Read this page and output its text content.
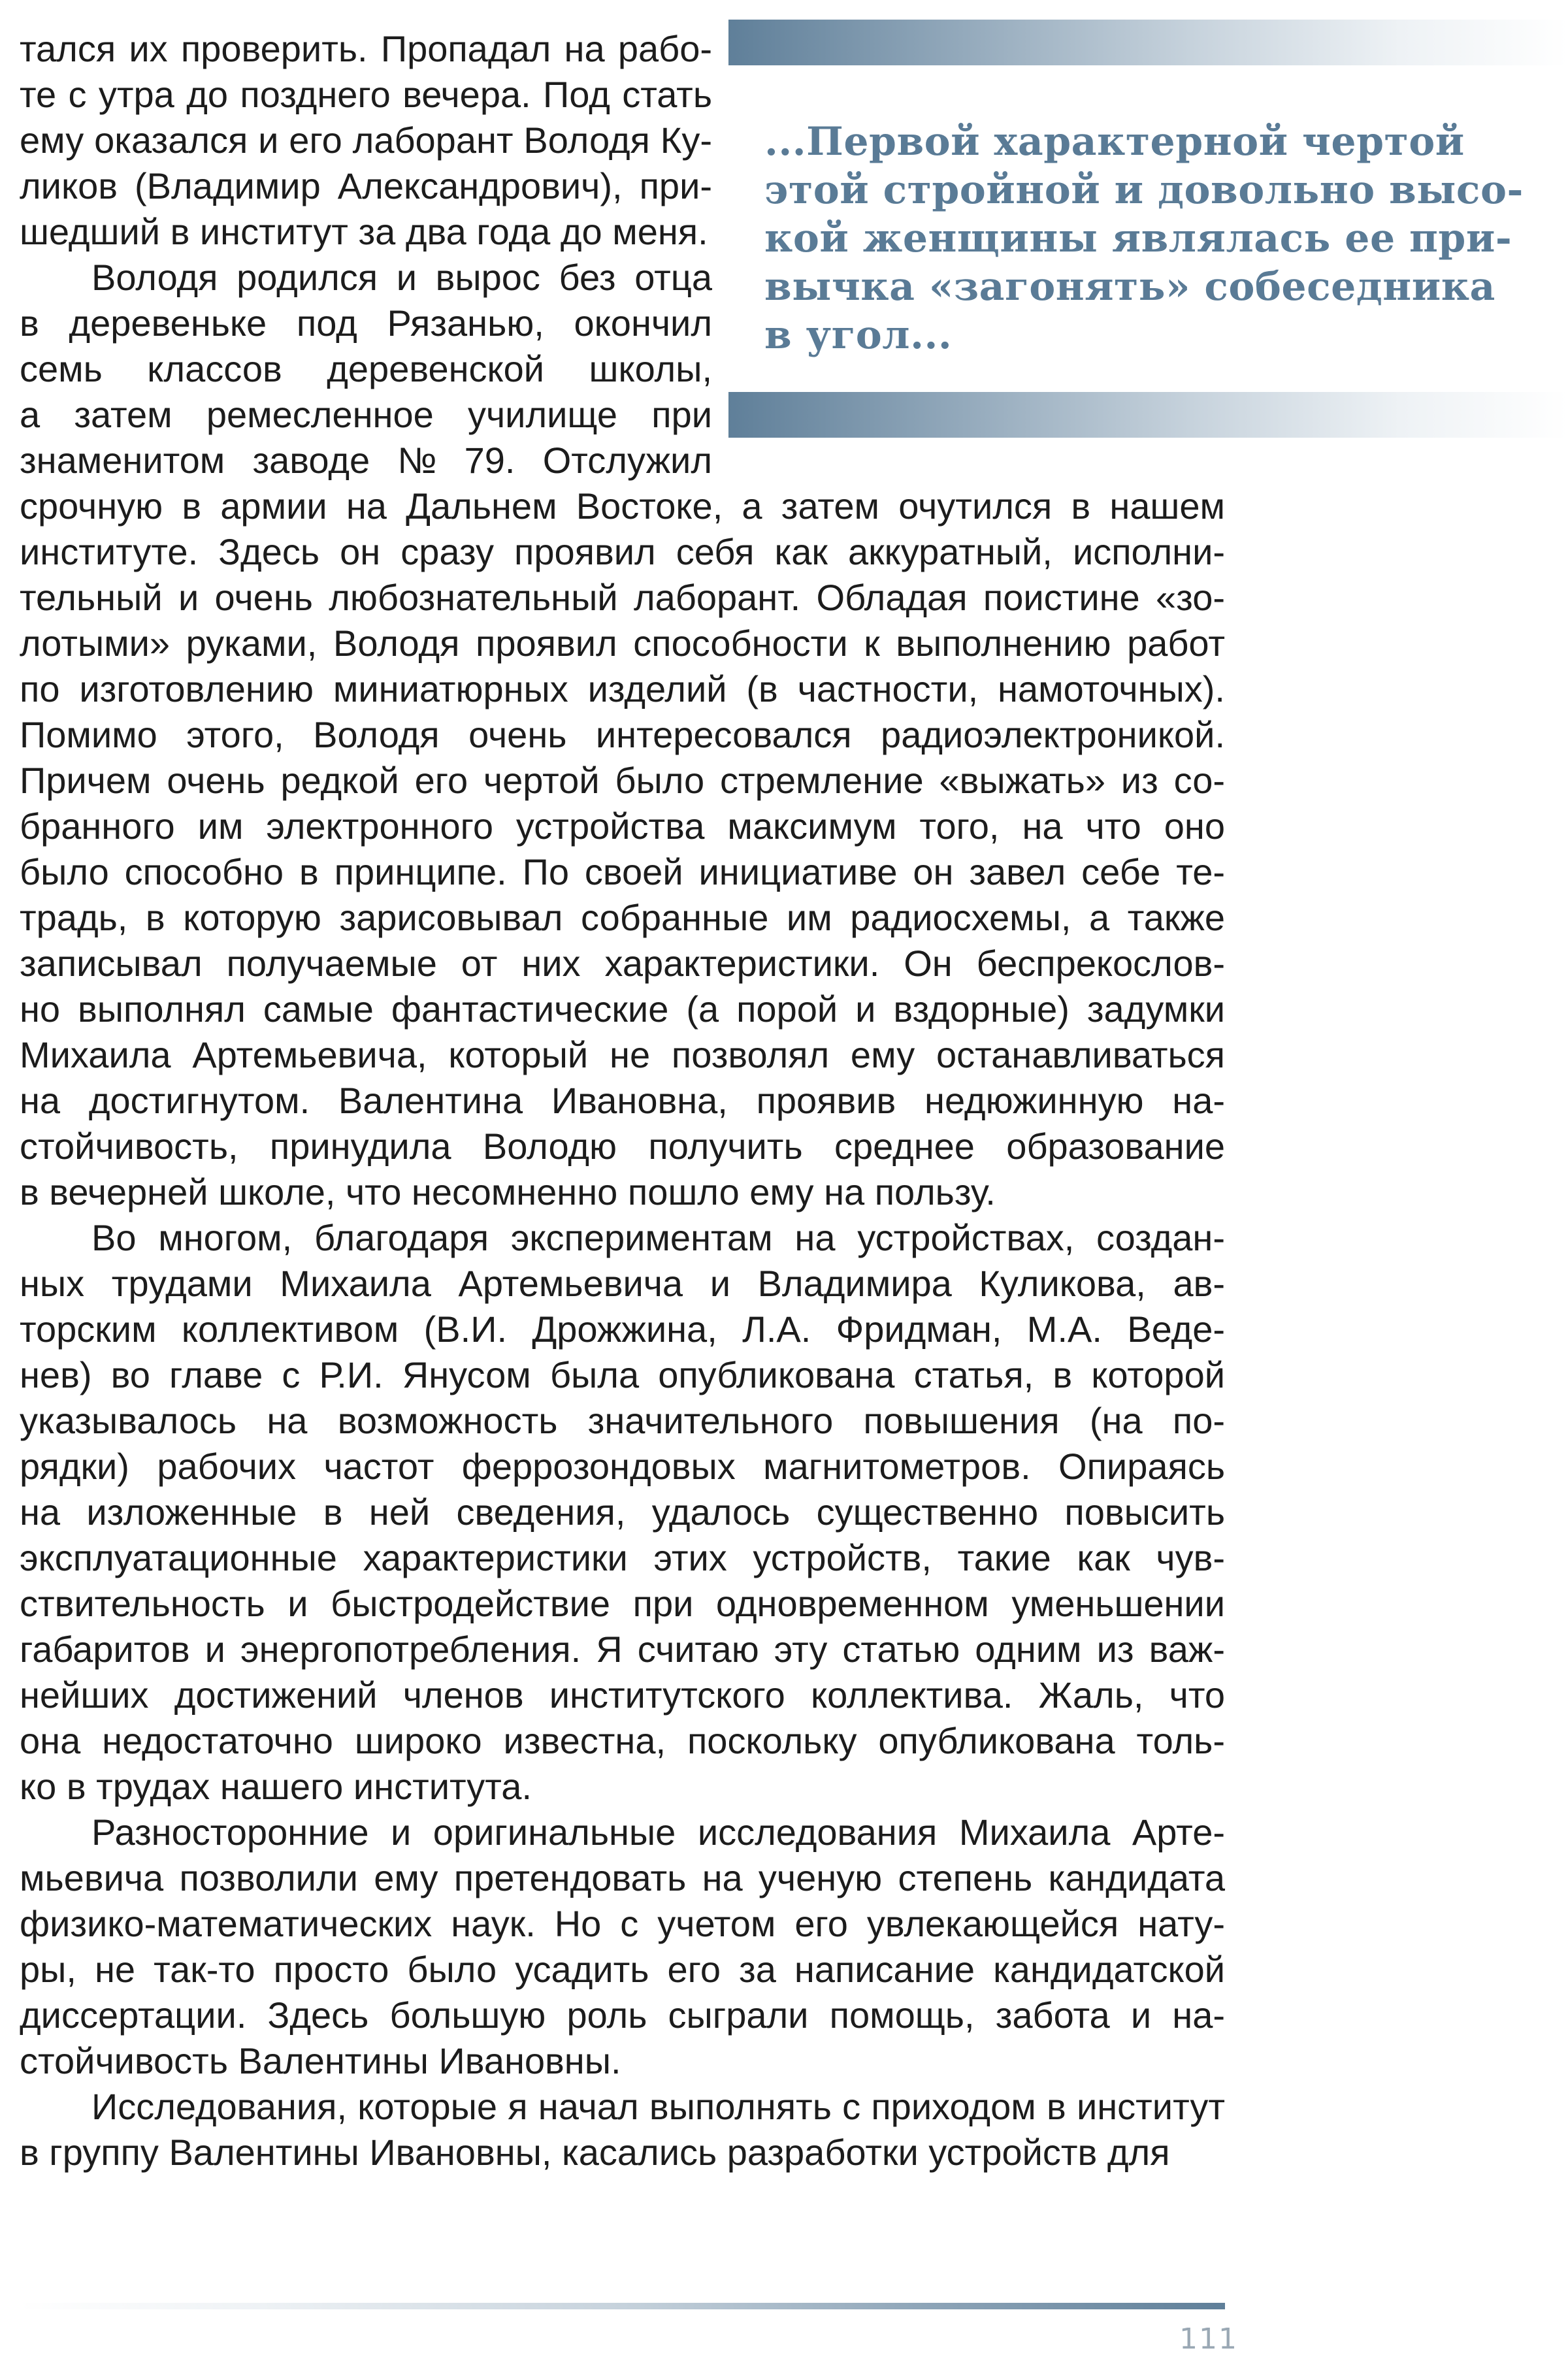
...Первой характерной чертой
этой стройной и довольно высо-
кой женщины являлась ее при-
вычка «загонять» собеседника
в угол...
тался их проверить. Пропадал на рабо-
те с утра до позднего вечера. Под стать
ему оказался и его лаборант Володя Ку-
ликов (Владимир Александрович), при-
шедший в институт за два года до меня.
Володя родился и вырос без отца
в деревеньке под Рязанью, окончил
семь классов деревенской школы,
а затем ремесленное училище при
знаменитом заводе № 79. Отслужил
срочную в армии на Дальнем Востоке, а затем очутился в нашем
институте. Здесь он сразу проявил себя как аккуратный, исполни-
тельный и очень любознательный лаборант. Обладая поистине «зо-
лотыми» руками, Володя проявил способности к выполнению работ
по изготовлению миниатюрных изделий (в частности, намоточных).
Помимо этого, Володя очень интересовался радиоэлектроникой.
Причем очень редкой его чертой было стремление «выжать» из со-
бранного им электронного устройства максимум того, на что оно
было способно в принципе. По своей инициативе он завел себе те-
традь, в которую зарисовывал собранные им радиосхемы, а также
записывал получаемые от них характеристики. Он беспрекослов-
но выполнял самые фантастические (а порой и вздорные) задумки
Михаила Артемьевича, который не позволял ему останавливаться
на достигнутом. Валентина Ивановна, проявив недюжинную на-
стойчивость, принудила Володю получить среднее образование
в вечерней школе, что несомненно пошло ему на пользу.
Во многом, благодаря экспериментам на устройствах, создан-
ных трудами Михаила Артемьевича и Владимира Куликова, ав-
торским коллективом (В.И. Дрожжина, Л.А. Фридман, М.А. Веде-
нев) во главе с Р.И. Янусом была опубликована статья, в которой
указывалось на возможность значительного повышения (на по-
рядки) рабочих частот феррозондовых магнитометров. Опираясь
на изложенные в ней сведения, удалось существенно повысить
эксплуатационные характеристики этих устройств, такие как чув-
ствительность и быстродействие при одновременном уменьшении
габаритов и энергопотребления. Я считаю эту статью одним из важ-
нейших достижений членов институтского коллектива. Жаль, что
она недостаточно широко известна, поскольку опубликована толь-
ко в трудах нашего института.
Разносторонние и оригинальные исследования Михаила Арте-
мьевича позволили ему претендовать на ученую степень кандидата
физико-математических наук. Но с учетом его увлекающейся нату-
ры, не так-то просто было усадить его за написание кандидатской
диссертации. Здесь большую роль сыграли помощь, забота и на-
стойчивость Валентины Ивановны.
Исследования, которые я начал выполнять с приходом в институт
в группу Валентины Ивановны, касались разработки устройств для
111
